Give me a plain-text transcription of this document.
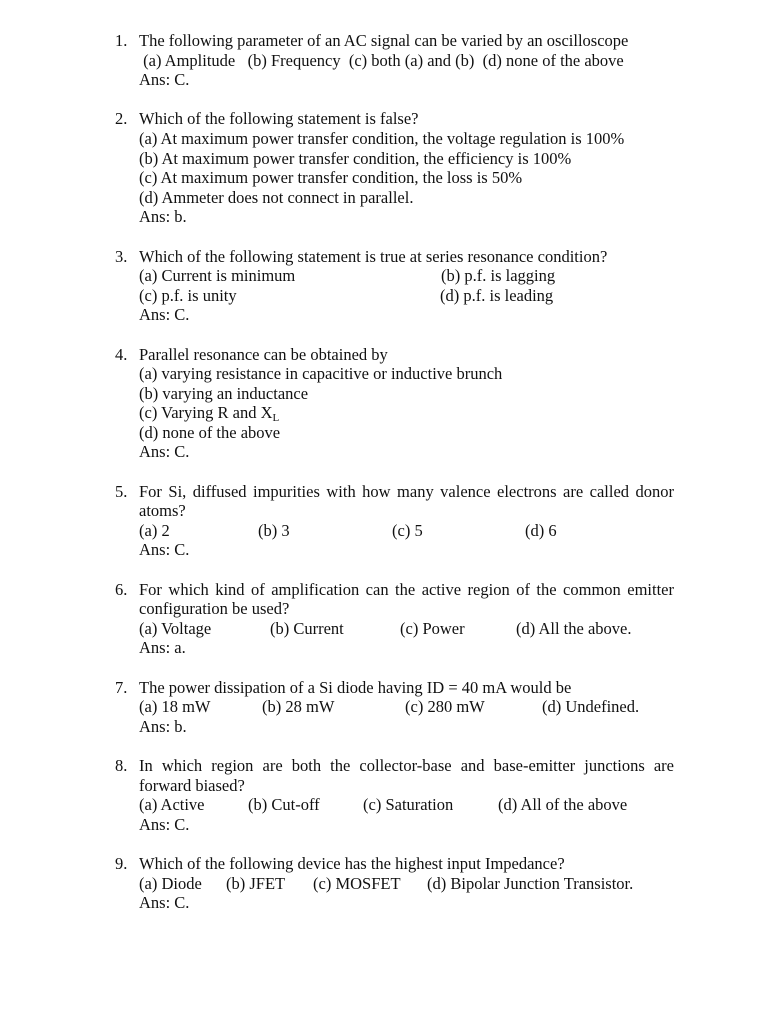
1. The following parameter of an AC signal can be varied by an oscilloscope
(a) Amplitude   (b) Frequency  (c) both (a) and (b)  (d) none of the above
Ans: C.
2. Which of the following statement is false?
(a) At maximum power transfer condition, the voltage regulation is 100%
(b) At maximum power transfer condition, the efficiency is 100%
(c) At maximum power transfer condition, the loss is 50%
(d) Ammeter does not connect in parallel.
Ans: b.
3. Which of the following statement is true at series resonance condition?
(a) Current is minimum	(b) p.f. is lagging
(c) p.f. is unity	(d) p.f. is leading
Ans: C.
4. Parallel resonance can be obtained by
(a) varying resistance in capacitive or inductive brunch
(b) varying an inductance
(c) Varying R and $X_L$
(d) none of the above
Ans: C.
5. For Si, diffused impurities with how many valence electrons are called donor atoms?
(a) 2	(b) 3	(c) 5	(d) 6
Ans: C.
6. For which kind of amplification can the active region of the common emitter configuration be used?
(a) Voltage	(b) Current	(c) Power	(d) All the above.
Ans: a.
7. The power dissipation of a Si diode having ID = 40 mA would be
(a) 18 mW	(b) 28 mW	(c) 280 mW	(d) Undefined.
Ans: b.
8. In which region are both the collector-base and base-emitter junctions are forward biased?
(a) Active	(b) Cut-off	(c) Saturation	(d) All of the above
Ans: C.
9. Which of the following device has the highest input Impedance?
(a) Diode	(b) JFET	(c) MOSFET	(d) Bipolar Junction Transistor.
Ans: C.
